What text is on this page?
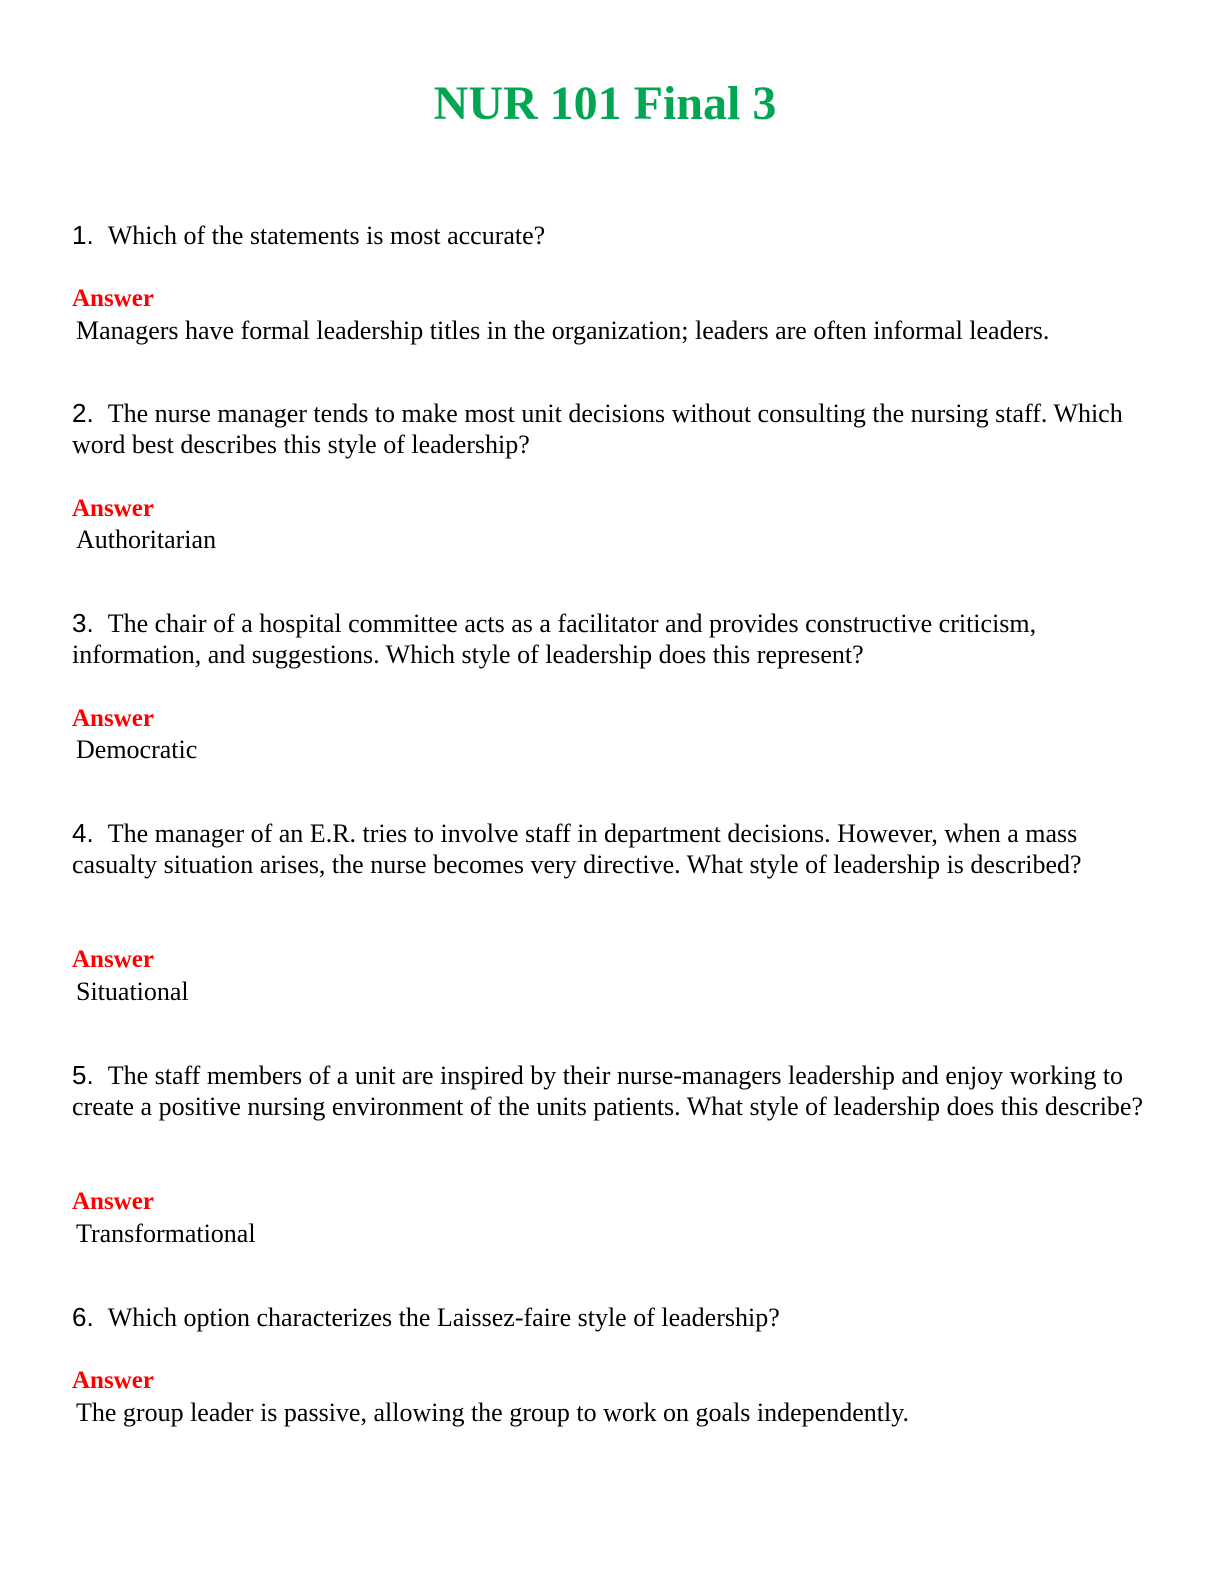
NUR 101 Final 3

1. Which of the statements is most accurate?

Answer

Managers have formal leadership titles in the organization; leaders are often informal leaders.

2. The nurse manager tends to make most unit decisions without consulting the nursing staff. Which word best describes this style of leadership?

Answer

Authoritarian

3. The chair of a hospital committee acts as a facilitator and provides constructive criticism, information, and suggestions. Which style of leadership does this represent?

Answer

Democratic

4. The manager of an E.R. tries to involve staff in department decisions. However, when a mass casualty situation arises, the nurse becomes very directive. What style of leadership is described?

Answer

Situational

5. The staff members of a unit are inspired by their nurse-managers leadership and enjoy working to create a positive nursing environment of the units patients. What style of leadership does this describe?

Answer

Transformational

6. Which option characterizes the Laissez-faire style of leadership?

Answer

The group leader is passive, allowing the group to work on goals independently.
